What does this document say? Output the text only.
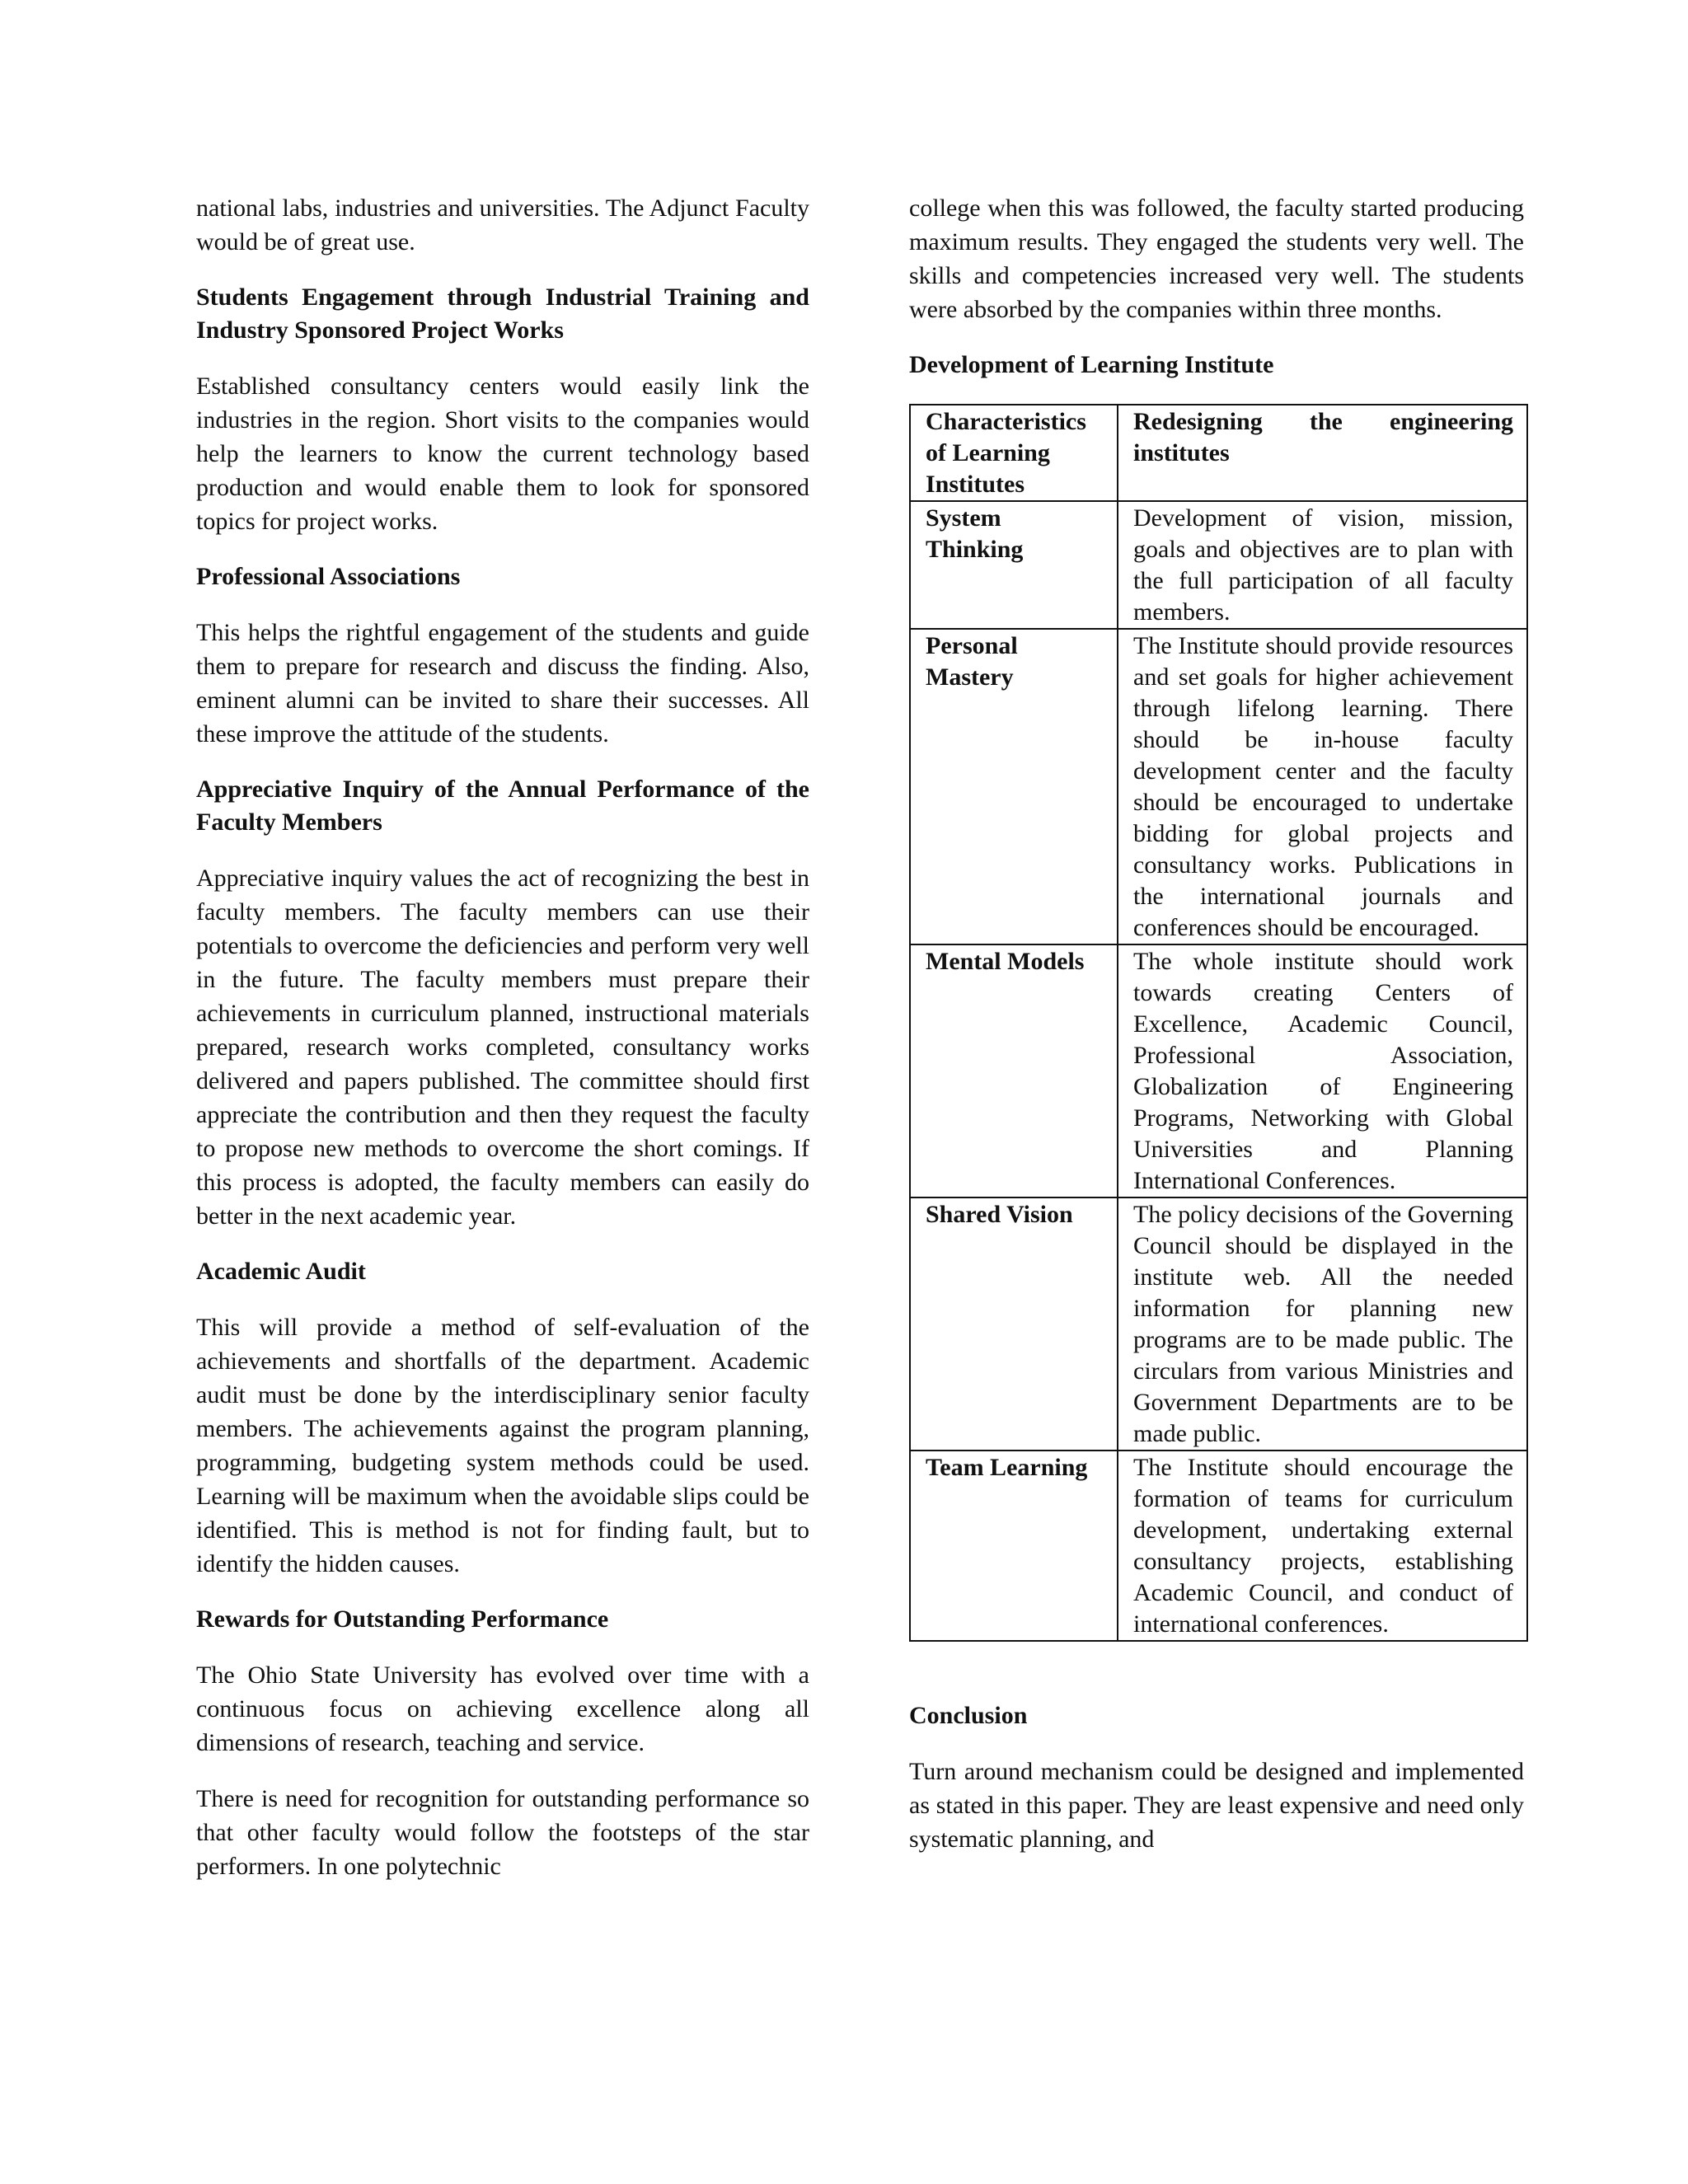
national labs, industries and universities. The Adjunct Faculty would be of great use.

Students Engagement through Industrial Training and Industry Sponsored Project Works

Established consultancy centers would easily link the industries in the region. Short visits to the companies would help the learners to know the current technology based production and would enable them to look for sponsored topics for project works.

Professional Associations

This helps the rightful engagement of the students and guide them to prepare for research and discuss the finding. Also, eminent alumni can be invited to share their successes. All these improve the attitude of the students.

Appreciative Inquiry of the Annual Performance of the Faculty Members

Appreciative inquiry values the act of recognizing the best in faculty members. The faculty members can use their potentials to overcome the deficiencies and perform very well in the future. The faculty members must prepare their achievements in curriculum planned, instructional materials prepared, research works completed, consultancy works delivered and papers published. The committee should first appreciate the contribution and then they request the faculty to propose new methods to overcome the short comings. If this process is adopted, the faculty members can easily do better in the next academic year.

Academic Audit

This will provide a method of self-evaluation of the achievements and shortfalls of the department. Academic audit must be done by the interdisciplinary senior faculty members. The achievements against the program planning, programming, budgeting system methods could be used. Learning will be maximum when the avoidable slips could be identified. This is method is not for finding fault, but to identify the hidden causes.

Rewards for Outstanding Performance

The Ohio State University has evolved over time with a continuous focus on achieving excellence along all dimensions of research, teaching and service.

There is need for recognition for outstanding performance so that other faculty would follow the footsteps of the star performers. In one polytechnic

college when this was followed, the faculty started producing maximum results. They engaged the students very well. The skills and competencies increased very well. The students were absorbed by the companies within three months.

Development of Learning Institute
Characteristics of Learning Institutes	Redesigning the engineering institutes
System Thinking	Development of vision, mission, goals and objectives are to plan with the full participation of all faculty members.
Personal Mastery	The Institute should provide resources and set goals for higher achievement through lifelong learning. There should be in-house faculty development center and the faculty should be encouraged to undertake bidding for global projects and consultancy works. Publications in the international journals and conferences should be encouraged.
Mental Models	The whole institute should work towards creating Centers of Excellence, Academic Council, Professional Association, Globalization of Engineering Programs, Networking with Global Universities and Planning International Conferences.
Shared Vision	The policy decisions of the Governing Council should be displayed in the institute web. All the needed information for planning new programs are to be made public. The circulars from various Ministries and Government Departments are to be made public.
Team Learning	The Institute should encourage the formation of teams for curriculum development, undertaking external consultancy projects, establishing Academic Council, and conduct of international conferences.
Conclusion

Turn around mechanism could be designed and implemented as stated in this paper. They are least expensive and need only systematic planning, and
